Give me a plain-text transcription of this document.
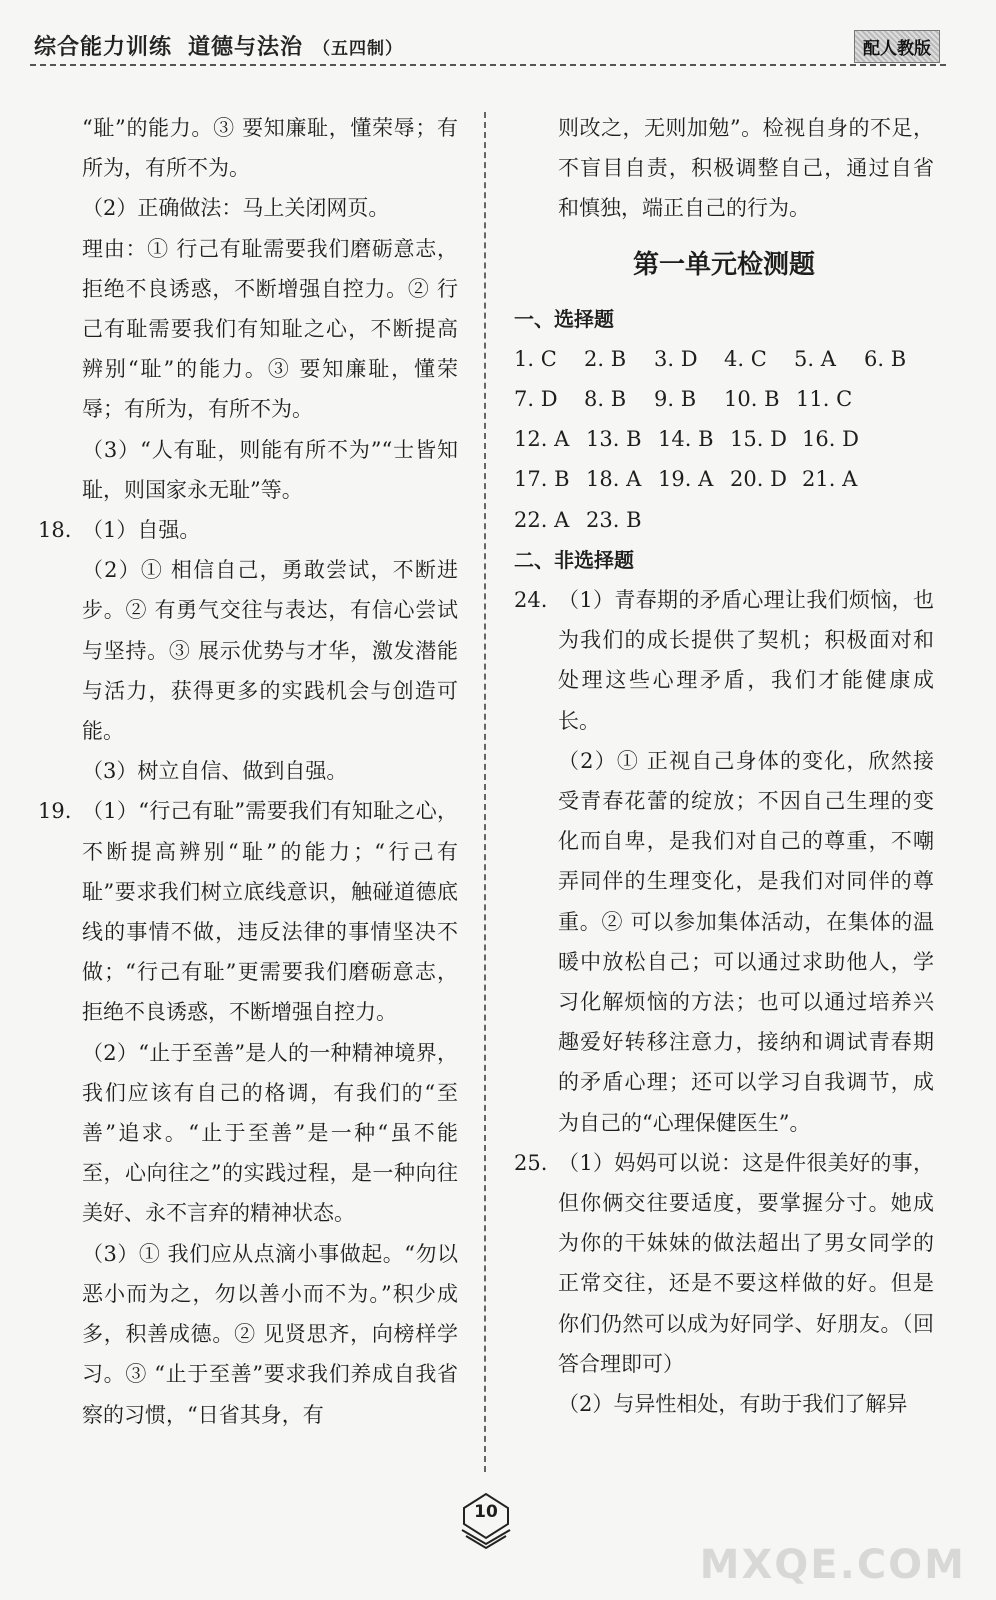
综合能力训练 道德与法治 （五四制）	配人教版
“耻”的能力。③ 要知廉耻，懂荣辱；有所为，有所不为。
（2）正确做法：马上关闭网页。
理由：① 行己有耻需要我们磨砺意志，拒绝不良诱惑，不断增强自控力。② 行己有耻需要我们有知耻之心，不断提高辨别“耻”的能力。③ 要知廉耻，懂荣辱；有所为，有所不为。
（3）“人有耻，则能有所不为”“士皆知耻，则国家永无耻”等。
18. （1）自强。
（2）① 相信自己，勇敢尝试，不断进步。② 有勇气交往与表达，有信心尝试与坚持。③ 展示优势与才华，激发潜能与活力，获得更多的实践机会与创造可能。
（3）树立自信、做到自强。
19. （1）“行己有耻”需要我们有知耻之心，不断提高辨别“耻”的能力；“行己有耻”要求我们树立底线意识，触碰道德底线的事情不做，违反法律的事情坚决不做；“行己有耻”更需要我们磨砺意志，拒绝不良诱惑，不断增强自控力。
（2）“止于至善”是人的一种精神境界，我们应该有自己的格调，有我们的“至善”追求。“止于至善”是一种“虽不能至，心向往之”的实践过程，是一种向往美好、永不言弃的精神状态。
（3）① 我们应从点滴小事做起。“勿以恶小而为之，勿以善小而不为。”积少成多，积善成德。② 见贤思齐，向榜样学习。③ “止于至善”要求我们养成自我省察的习惯，“日省其身，有
则改之，无则加勉”。检视自身的不足，不盲目自责，积极调整自己，通过自省和慎独，端正自己的行为。
第一单元检测题
一、选择题
1. C	2. B	3. D	4. C	5. A	6. B
7. D	8. B	9. B	10. B 11. C
12. A 13. B 14. B 15. D 16. D
17. B 18. A 19. A 20. D 21. A
22. A 23. B
二、非选择题
24. （1）青春期的矛盾心理让我们烦恼，也为我们的成长提供了契机；积极面对和处理这些心理矛盾，我们才能健康成长。
（2）① 正视自己身体的变化，欣然接受青春花蕾的绽放；不因自己生理的变化而自卑，是我们对自己的尊重，不嘲弄同伴的生理变化，是我们对同伴的尊重。② 可以参加集体活动，在集体的温暖中放松自己；可以通过求助他人，学习化解烦恼的方法；也可以通过培养兴趣爱好转移注意力，接纳和调试青春期的矛盾心理；还可以学习自我调节，成为自己的“心理保健医生”。
25. （1）妈妈可以说：这是件很美好的事，但你俩交往要适度，要掌握分寸。她成为你的干妹妹的做法超出了男女同学的正常交往，还是不要这样做的好。但是你们仍然可以成为好同学、好朋友。（回答合理即可）
（2）与异性相处，有助于我们了解异
10
MXQE.COM
